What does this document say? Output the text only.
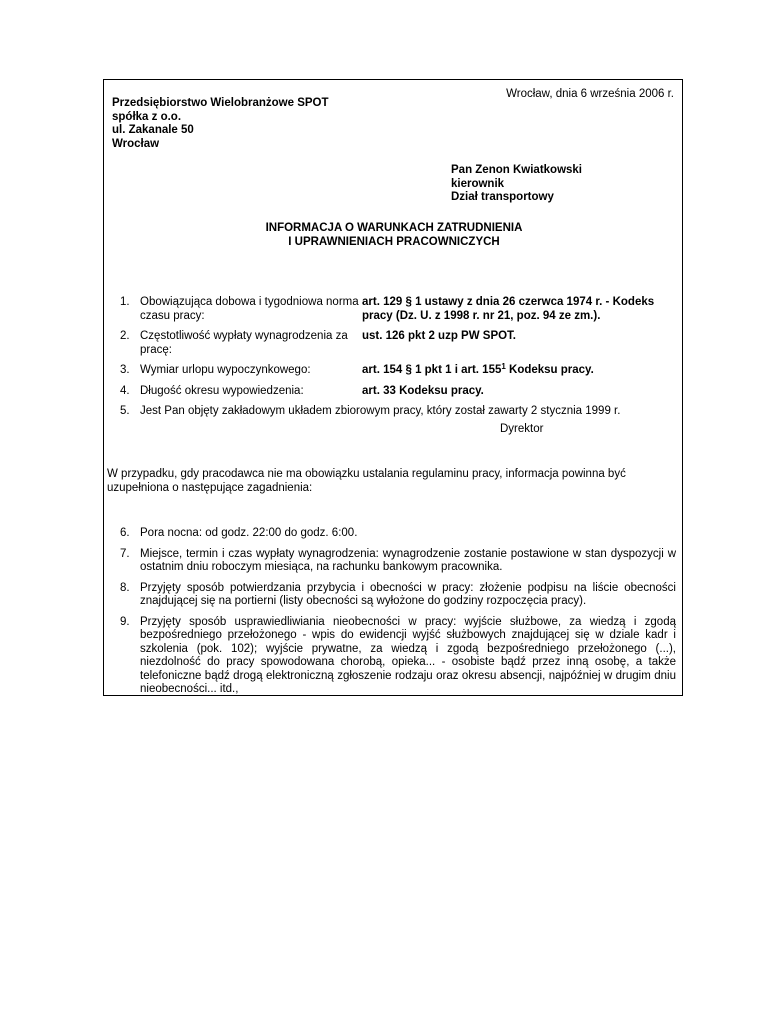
Wrocław, dnia 6 września 2006 r.
Przedsiębiorstwo Wielobranżowe SPOT
spółka z o.o.
ul. Zakanale 50
Wrocław
Pan Zenon Kwiatkowski
kierownik
Dział transportowy
INFORMACJA O WARUNKACH ZATRUDNIENIA
I UPRAWNIENIACH PRACOWNICZYCH
1. Obowiązująca dobowa i tygodniowa norma czasu pracy:
art. 129 § 1 ustawy z dnia 26 czerwca 1974 r. - Kodeks pracy (Dz. U. z 1998 r. nr 21, poz. 94 ze zm.).
2. Częstotliwość wypłaty wynagrodzenia za pracę:
ust. 126 pkt 2 uzp PW SPOT.
3. Wymiar urlopu wypoczynkowego:	art. 154 § 1 pkt 1 i art. $155^1$ Kodeksu pracy.
4. Długość okresu wypowiedzenia:	art. 33 Kodeksu pracy.
5. Jest Pan objęty zakładowym układem zbiorowym pracy, który został zawarty 2 stycznia 1999 r.
Dyrektor
W przypadku, gdy pracodawca nie ma obowiązku ustalania regulaminu pracy, informacja powinna być uzupełniona o następujące zagadnienia:
6. Pora nocna: od godz. 22:00 do godz. 6:00.
7. Miejsce, termin i czas wypłaty wynagrodzenia: wynagrodzenie zostanie postawione w stan dyspozycji w ostatnim dniu roboczym miesiąca, na rachunku bankowym pracownika.
8. Przyjęty sposób potwierdzania przybycia i obecności w pracy: złożenie podpisu na liście obecności znajdującej się na portierni (listy obecności są wyłożone do godziny rozpoczęcia pracy).
9. Przyjęty sposób usprawiedliwiania nieobecności w pracy: wyjście służbowe, za wiedzą i zgodą bezpośredniego przełożonego - wpis do ewidencji wyjść służbowych znajdującej się w dziale kadr i szkolenia (pok. 102); wyjście prywatne, za wiedzą i zgodą bezpośredniego przełożonego (...), niezdolność do pracy spowodowana chorobą, opieka... - osobiste bądź przez inną osobę, a także telefoniczne bądź drogą elektroniczną zgłoszenie rodzaju oraz okresu absencji, najpóźniej w drugim dniu nieobecności... itd.,
